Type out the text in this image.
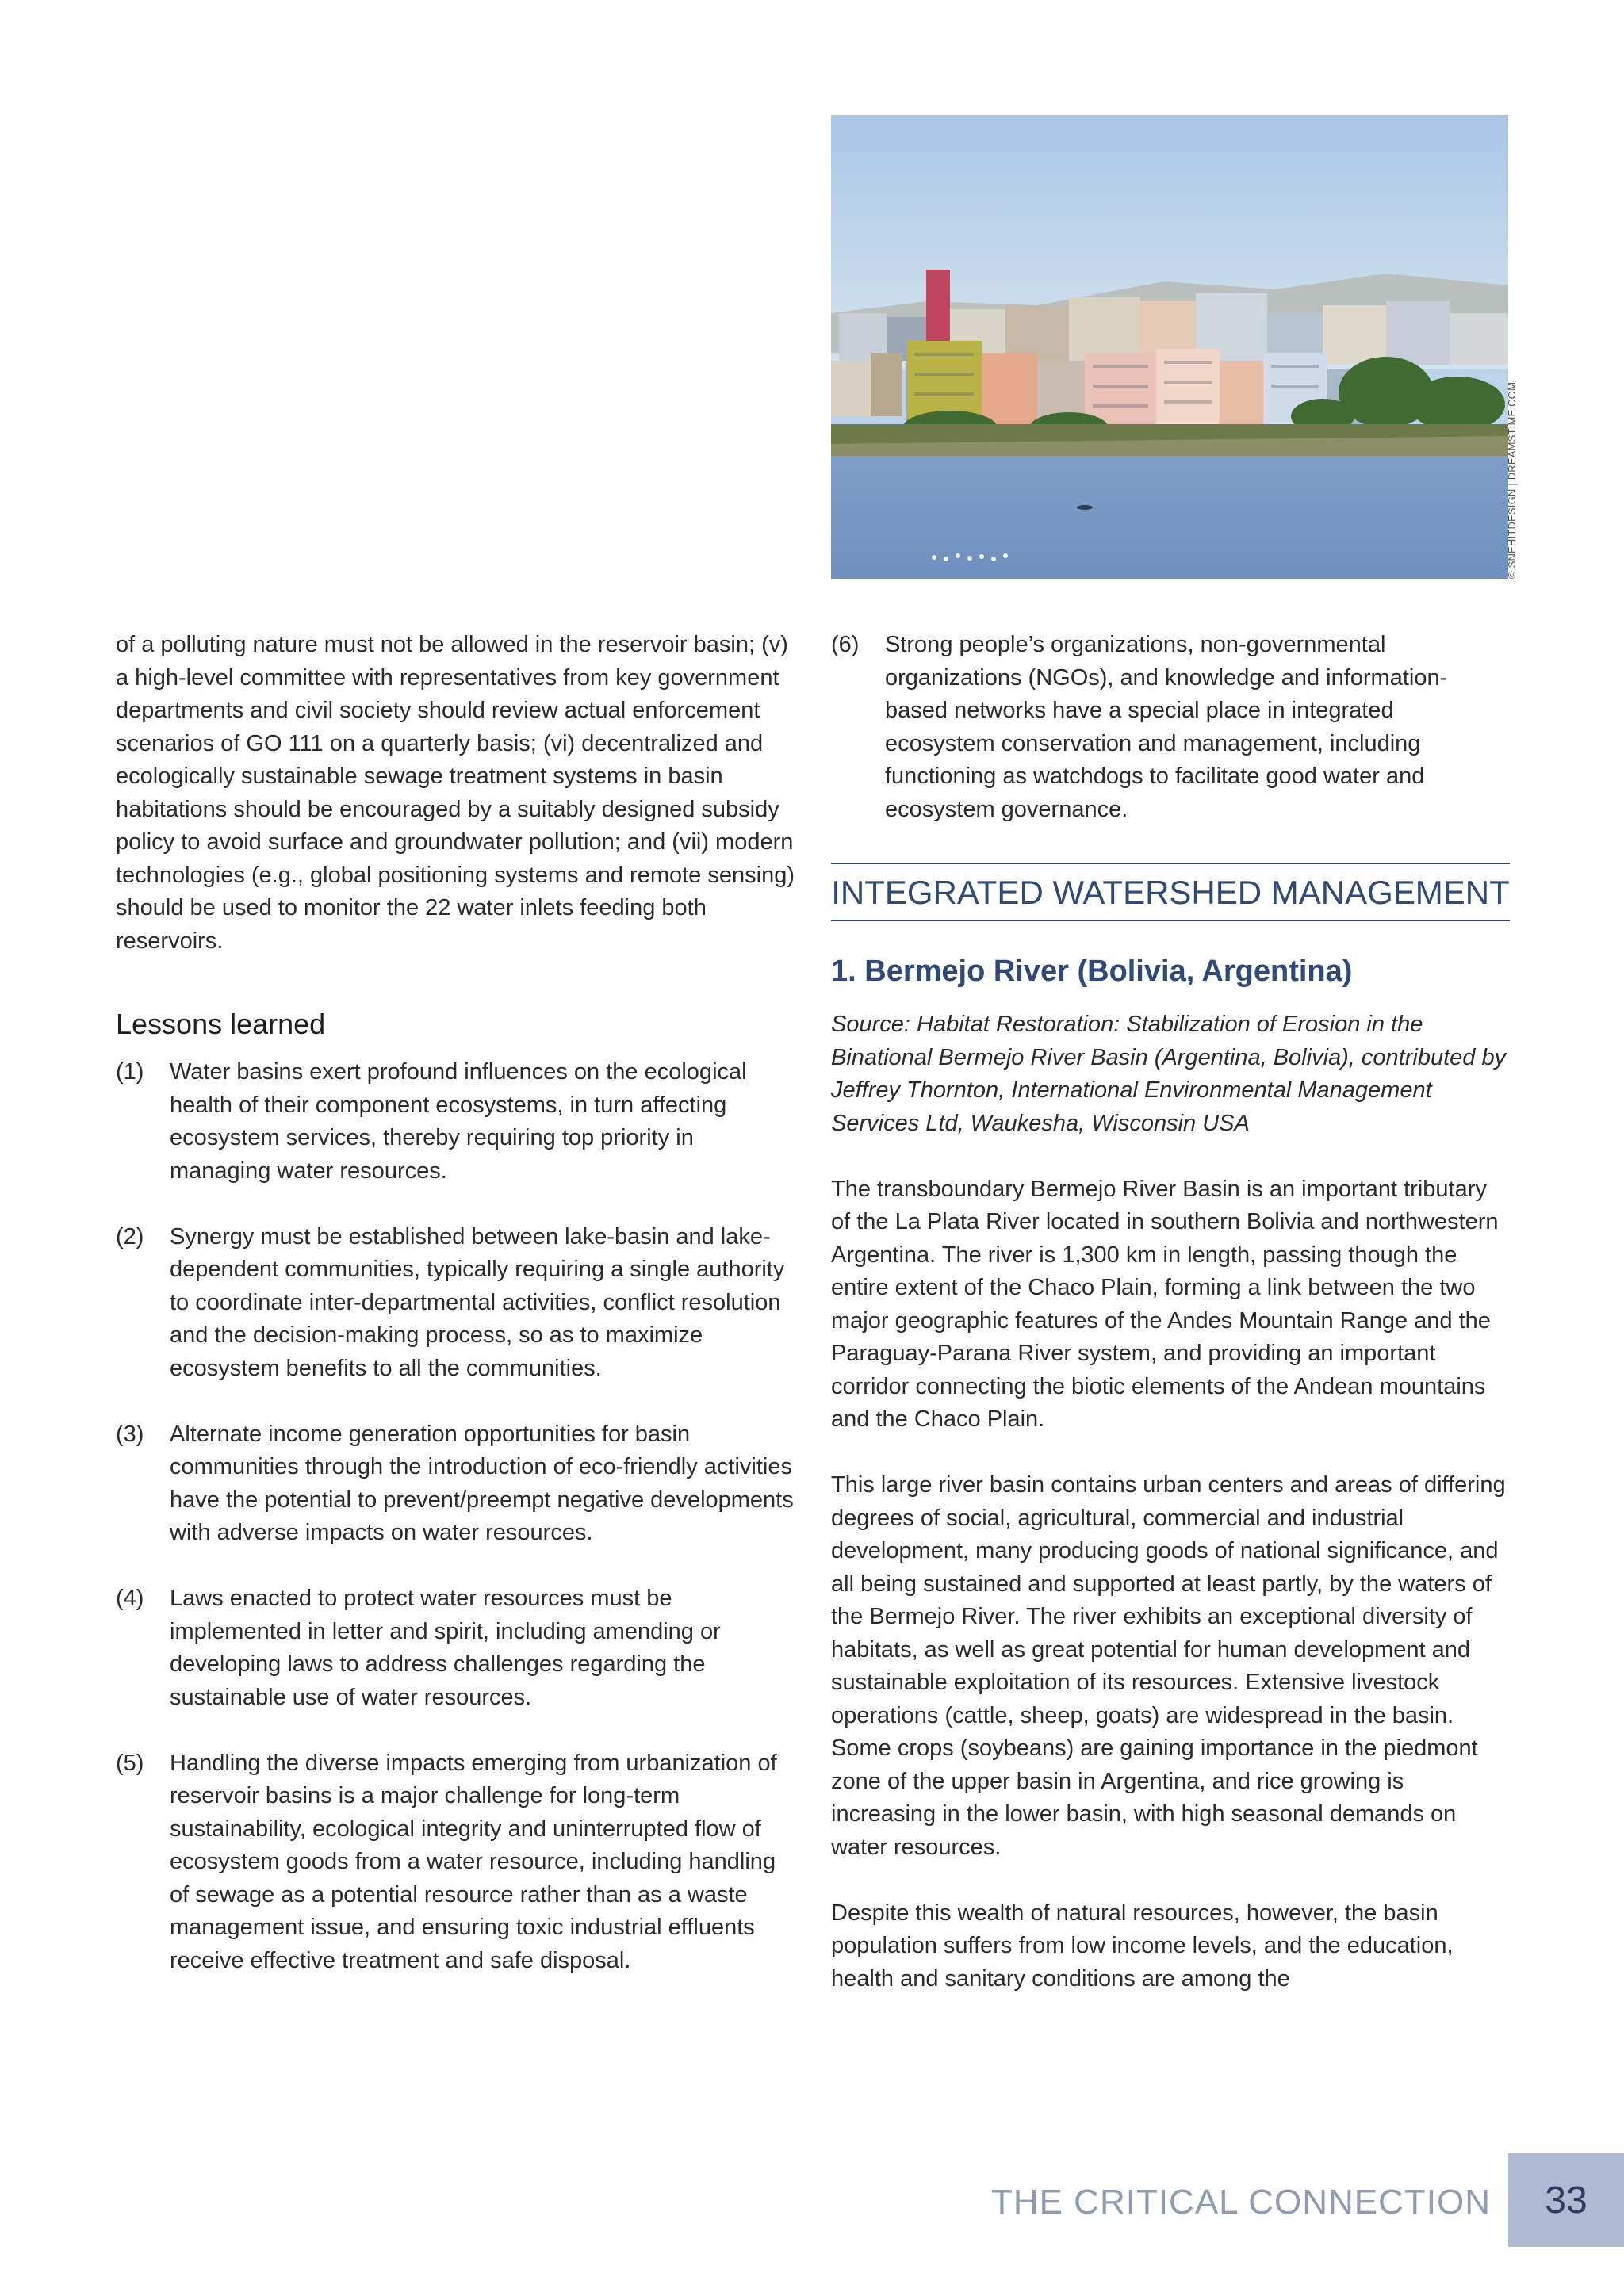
© SNEHITDESIGN | DREAMSTIME.COM

of a polluting nature must not be allowed in the reservoir basin; (v) a high-level committee with representatives from key government departments and civil society should review actual enforcement scenarios of GO 111 on a quarterly basis; (vi) decentralized and ecologically sustainable sewage treatment systems in basin habitations should be encouraged by a suitably designed subsidy policy to avoid surface and groundwater pollution; and (vii) modern technologies (e.g., global positioning systems and remote sensing) should be used to monitor the 22 water inlets feeding both reservoirs.

Lessons learned
(1)	Water basins exert profound influences on the ecological health of their component ecosystems, in turn affecting ecosystem services, thereby requiring top priority in managing water resources.
(2)	Synergy must be established between lake-basin and lake-dependent communities, typically requiring a single authority to coordinate inter-departmental activities, conflict resolution and the decision-making process, so as to maximize ecosystem benefits to all the communities.
(3)	Alternate income generation opportunities for basin communities through the introduction of eco-friendly activities have the potential to prevent/preempt negative developments with adverse impacts on water resources.
(4)	Laws enacted to protect water resources must be implemented in letter and spirit, including amending or developing laws to address challenges regarding the sustainable use of water resources.
(5)	Handling the diverse impacts emerging from urbanization of reservoir basins is a major challenge for long-term sustainability, ecological integrity and uninterrupted flow of ecosystem goods from a water resource, including handling of sewage as a potential resource rather than as a waste management issue, and ensuring toxic industrial effluents receive effective treatment and safe disposal.
(6)	Strong people’s organizations, non-governmental organizations (NGOs), and knowledge and information-based networks have a special place in integrated ecosystem conservation and management, including functioning as watchdogs to facilitate good water and ecosystem governance.
INTEGRATED WATERSHED MANAGEMENT
1. Bermejo River (Bolivia, Argentina)

Source: Habitat Restoration: Stabilization of Erosion in the Binational Bermejo River Basin (Argentina, Bolivia), contributed by Jeffrey Thornton, International Environmental Management Services Ltd, Waukesha, Wisconsin USA

The transboundary Bermejo River Basin is an important tributary of the La Plata River located in southern Bolivia and northwestern Argentina. The river is 1,300 km in length, passing though the entire extent of the Chaco Plain, forming a link between the two major geographic features of the Andes Mountain Range and the Paraguay-Parana River system, and providing an important corridor connecting the biotic elements of the Andean mountains and the Chaco Plain.

This large river basin contains urban centers and areas of differing degrees of social, agricultural, commercial and industrial development, many producing goods of national significance, and all being sustained and supported at least partly, by the waters of the Bermejo River. The river exhibits an exceptional diversity of habitats, as well as great potential for human development and sustainable exploitation of its resources. Extensive livestock operations (cattle, sheep, goats) are widespread in the basin. Some crops (soybeans) are gaining importance in the piedmont zone of the upper basin in Argentina, and rice growing is increasing in the lower basin, with high seasonal demands on water resources.

Despite this wealth of natural resources, however, the basin population suffers from low income levels, and the education, health and sanitary conditions are among the

THE CRITICAL CONNECTION	33
